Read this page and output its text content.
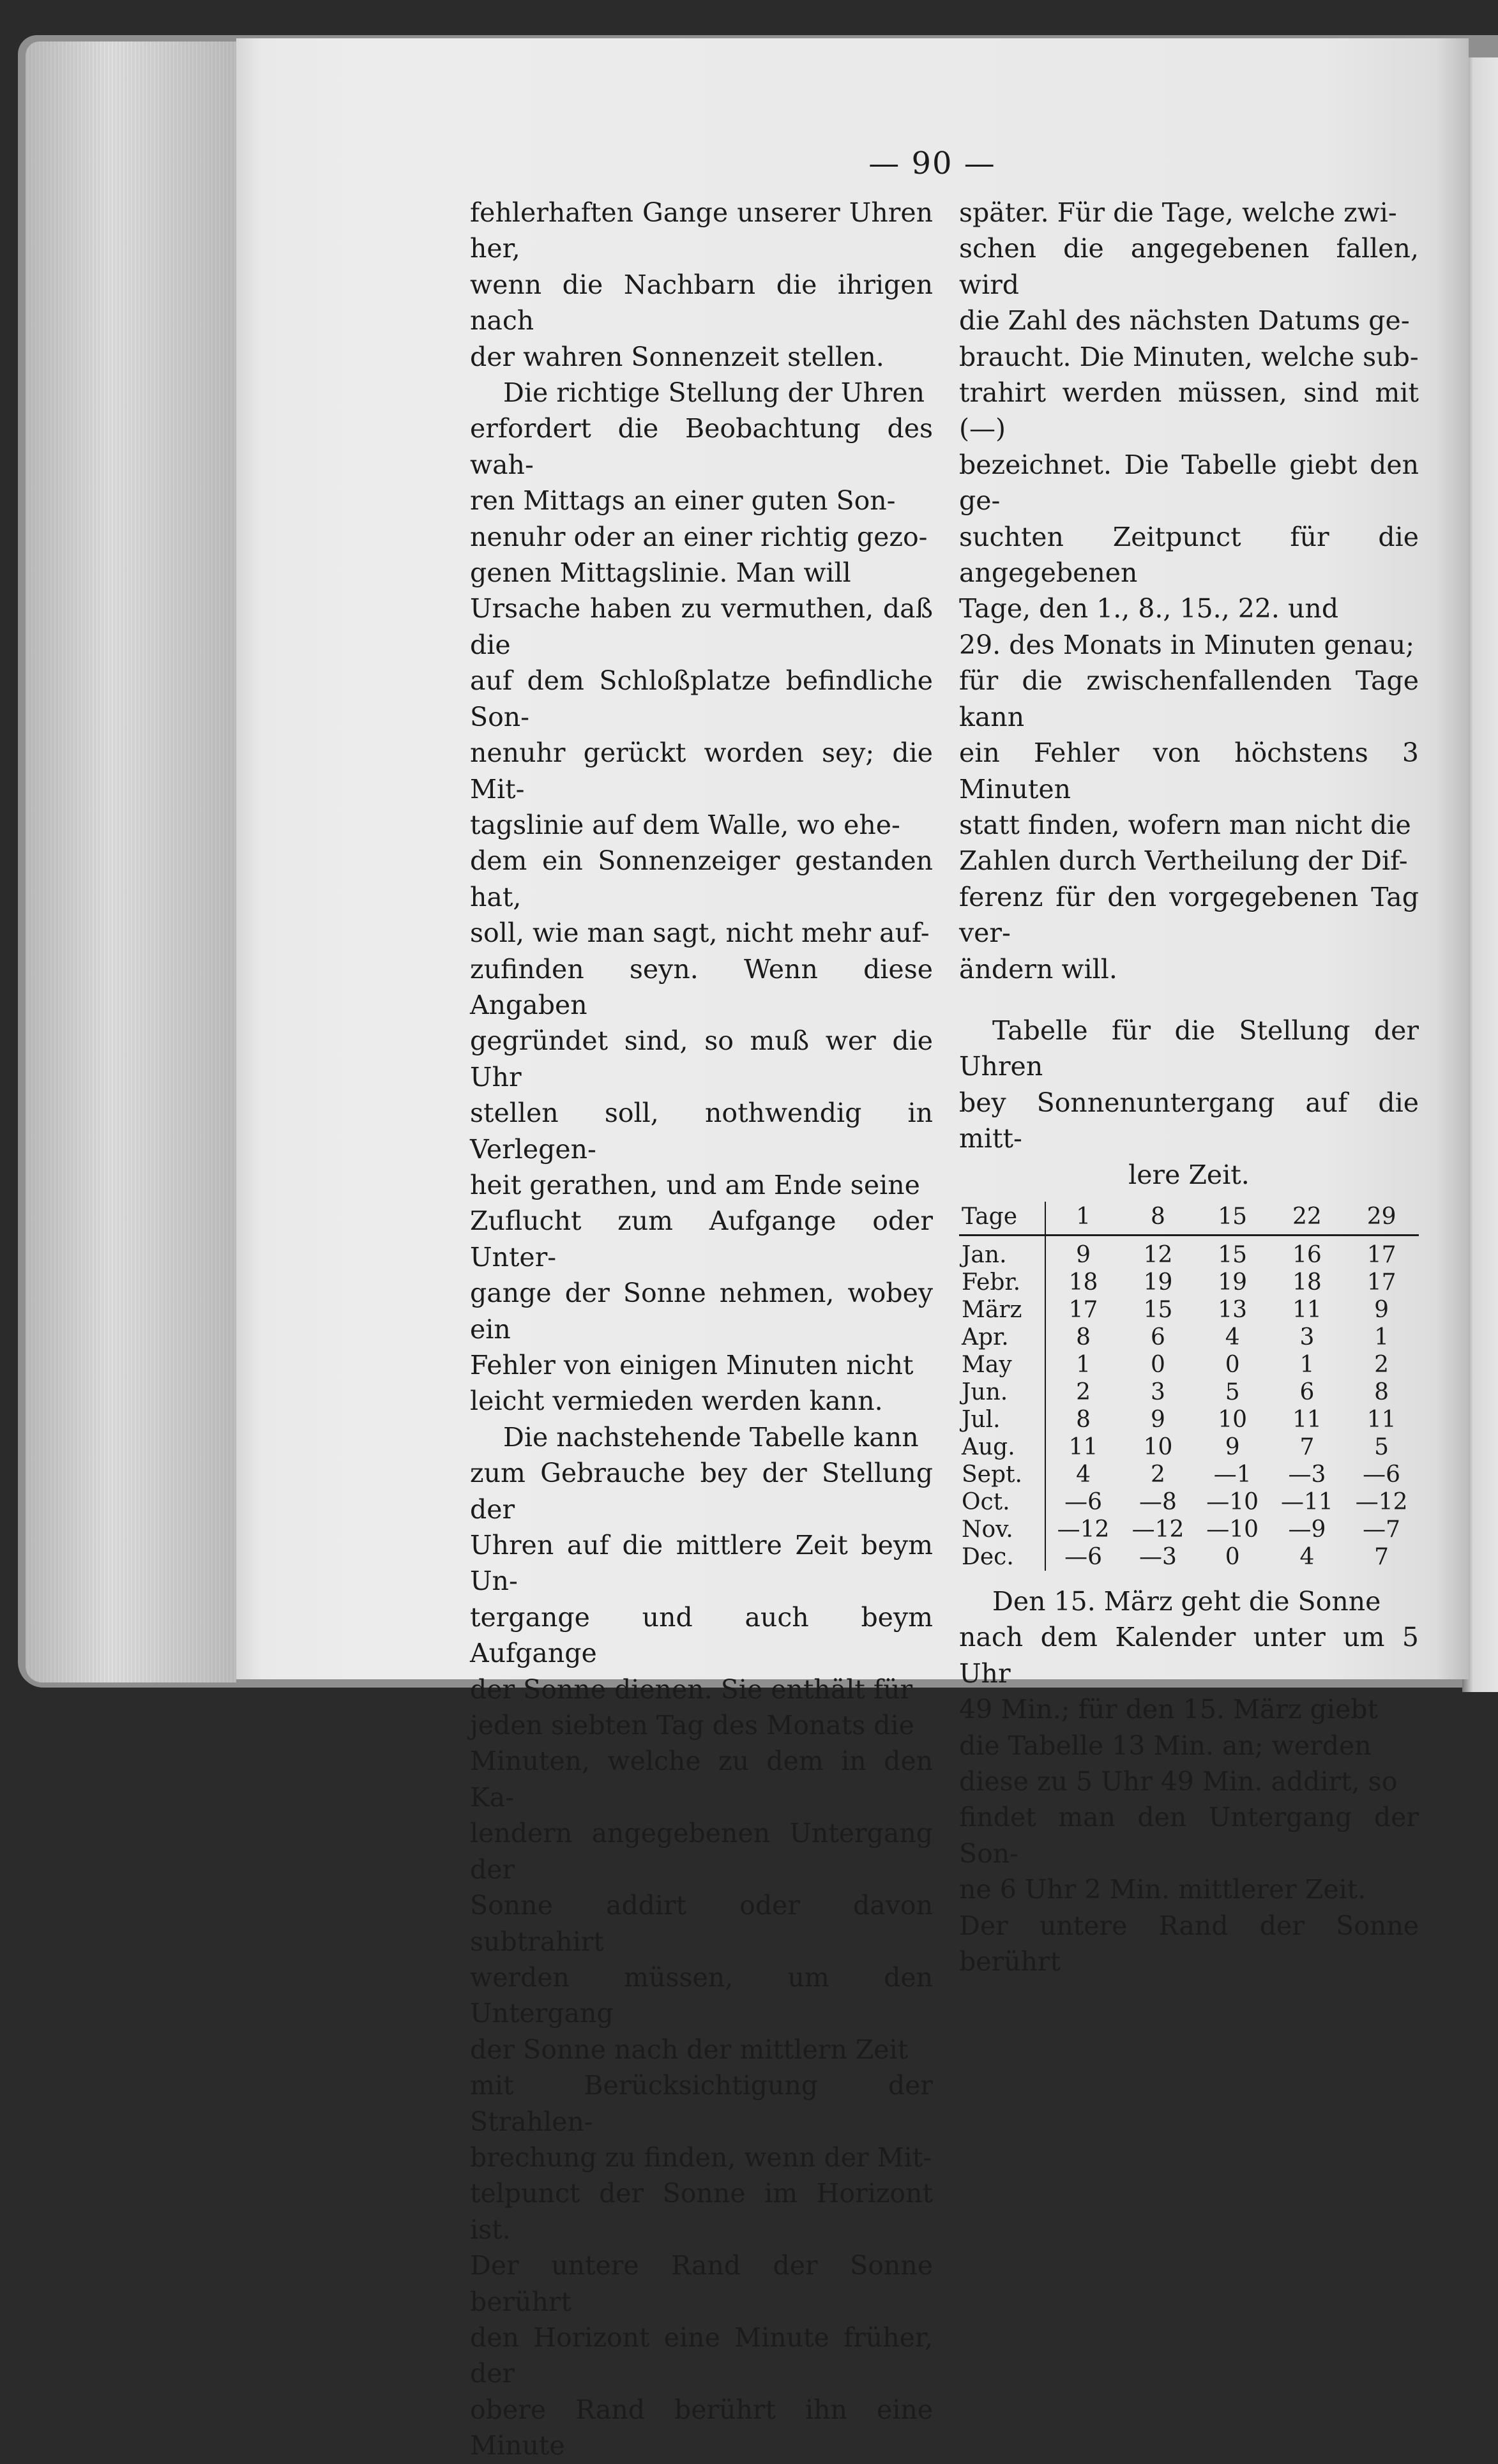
— 90 —

fehlerhaften Gange unserer Uhren her,

wenn die Nachbarn die ihrigen nach

der wahren Sonnenzeit stellen.

Die richtige Stellung der Uhren

erfordert die Beobachtung des wah-

ren Mittags an einer guten Son-

nenuhr oder an einer richtig gezo-

genen Mittagslinie. Man will

Ursache haben zu vermuthen, daß die

auf dem Schloßplatze befindliche Son-

nenuhr gerückt worden sey; die Mit-

tagslinie auf dem Walle, wo ehe-

dem ein Sonnenzeiger gestanden hat,

soll, wie man sagt, nicht mehr auf-

zufinden seyn. Wenn diese Angaben

gegründet sind, so muß wer die Uhr

stellen soll, nothwendig in Verlegen-

heit gerathen, und am Ende seine

Zuflucht zum Aufgange oder Unter-

gange der Sonne nehmen, wobey ein

Fehler von einigen Minuten nicht

leicht vermieden werden kann.

Die nachstehende Tabelle kann

zum Gebrauche bey der Stellung der

Uhren auf die mittlere Zeit beym Un-

tergange und auch beym Aufgange

der Sonne dienen. Sie enthält für

jeden siebten Tag des Monats die

Minuten, welche zu dem in den Ka-

lendern angegebenen Untergang der

Sonne addirt oder davon subtrahirt

werden müssen, um den Untergang

der Sonne nach der mittlern Zeit

mit Berücksichtigung der Strahlen-

brechung zu finden, wenn der Mit-

telpunct der Sonne im Horizont ist.

Der untere Rand der Sonne berührt

den Horizont eine Minute früher, der

obere Rand berührt ihn eine Minute

später. Für die Tage, welche zwi-

schen die angegebenen fallen, wird

die Zahl des nächsten Datums ge-

braucht. Die Minuten, welche sub-

trahirt werden müssen, sind mit (—)

bezeichnet. Die Tabelle giebt den ge-

suchten Zeitpunct für die angegebenen

Tage, den 1., 8., 15., 22. und

29. des Monats in Minuten genau;

für die zwischenfallenden Tage kann

ein Fehler von höchstens 3 Minuten

statt finden, wofern man nicht die

Zahlen durch Vertheilung der Dif-

ferenz für den vorgegebenen Tag ver-

ändern will.

Tabelle für die Stellung der Uhren

bey Sonnenuntergang auf die mitt-

lere Zeit.
Tage	1	8	15	22	29
Jan.	9	12	15	16	17
Febr.	18	19	19	18	17
März	17	15	13	11	9
Apr.	8	6	4	3	1
May	1	0	0	1	2
Jun.	2	3	5	6	8
Jul.	8	9	10	11	11
Aug.	11	10	9	7	5
Sept.	4	2	—1	—3	—6
Oct.	—6	—8	—10	—11	—12
Nov.	—12	—12	—10	—9	—7
Dec.	—6	—3	0	4	7

Den 15. März geht die Sonne

nach dem Kalender unter um 5 Uhr

49 Min.; für den 15. März giebt

die Tabelle 13 Min. an; werden

diese zu 5 Uhr 49 Min. addirt, so

findet man den Untergang der Son-

ne 6 Uhr 2 Min. mittlerer Zeit.

Der untere Rand der Sonne berührt
